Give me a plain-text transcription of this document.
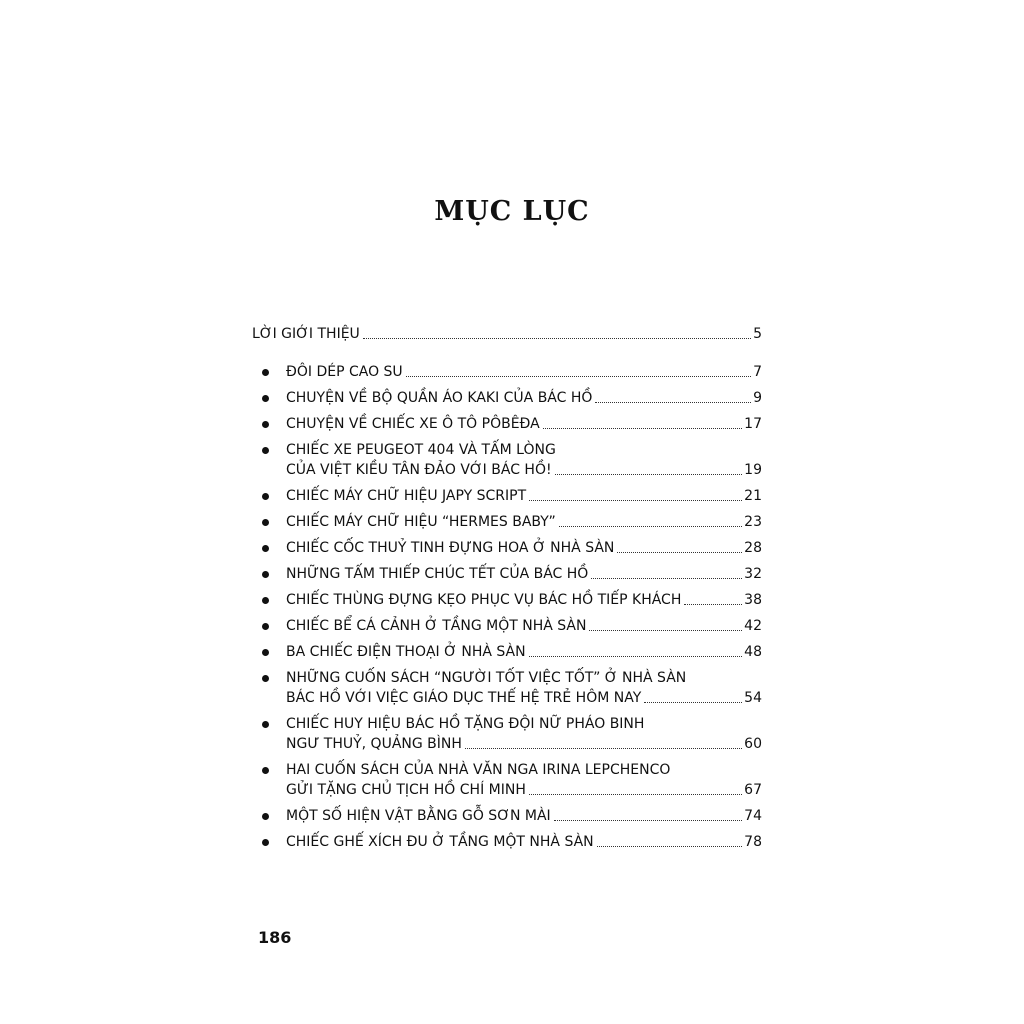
MỤC LỤC
LỜI GIỚI THIỆU	5
ĐÔI DÉP CAO SU	7
CHUYỆN VỀ BỘ QUẦN ÁO KAKI CỦA BÁC HỒ	9
CHUYỆN VỀ CHIẾC XE Ô TÔ PÔBÊĐA	17
CHIẾC XE PEUGEOT 404 VÀ TẤM LÒNG
CỦA VIỆT KIỀU TÂN ĐẢO VỚI BÁC HỒ!	19
CHIẾC MÁY CHỮ HIỆU JAPY SCRIPT	21
CHIẾC MÁY CHỮ HIỆU “HERMES BABY”	23
CHIẾC CỐC THUỶ TINH ĐỰNG HOA Ở NHÀ SÀN	28
NHỮNG TẤM THIẾP CHÚC TẾT CỦA BÁC HỒ	32
CHIẾC THÙNG ĐỰNG KẸO PHỤC VỤ BÁC HỒ TIẾP KHÁCH	38
CHIẾC BỂ CÁ CẢNH Ở TẦNG MỘT NHÀ SÀN	42
BA CHIẾC ĐIỆN THOẠI Ở NHÀ SÀN	48
NHỮNG CUỐN SÁCH “NGƯỜI TỐT VIỆC TỐT” Ở NHÀ SÀN
BÁC HỒ VỚI VIỆC GIÁO DỤC THẾ HỆ TRẺ HÔM NAY	54
CHIẾC HUY HIỆU BÁC HỒ TẶNG ĐỘI NỮ PHÁO BINH
NGƯ THUỶ, QUẢNG BÌNH	60
HAI CUỐN SÁCH CỦA NHÀ VĂN NGA IRINA LEPCHENCO
GỬI TẶNG CHỦ TỊCH HỒ CHÍ MINH	67
MỘT SỐ HIỆN VẬT BẰNG GỖ SƠN MÀI	74
CHIẾC GHẾ XÍCH ĐU Ở TẦNG MỘT NHÀ SÀN	78
186
